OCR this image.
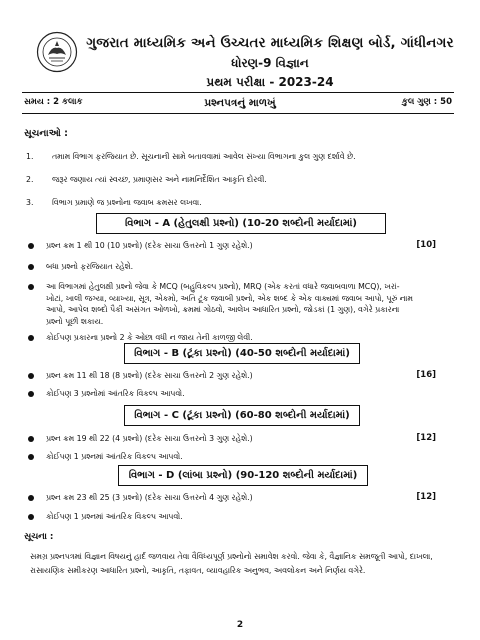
ગુજરાત માધ્યમિક અને ઉચ્ચતર માધ્યમિક શિક્ષણ બોર્ડ, ગાંધીનગર
ધોરણ-9 વિજ્ઞાન
પ્રથમ પરીક્ષા - 2023-24
સમય : 2 કલાક	પ્રશ્નપત્રનું માળખું	કુલ ગુણ : 50
સૂચનાઓ :
1.	તમામ વિભાગ ફરજિયાત છે. સૂચનાની સામે બતાવવામાં આવેલ સંખ્યા વિભાગના કુલ ગુણ દર્શાવે છે.
2.	જરૂર જણાય ત્યાં સ્વચ્છ, પ્રમાણસર અને નામનિર્દેશિત આકૃતિ દોરવી.
3.	વિભાગ પ્રમાણે જ પ્રશ્નોના જવાબ ક્રમસર લખવા.
વિભાગ - A (હેતુલક્ષી પ્રશ્નો) (10-20 શબ્દોની મર્યાદામાં)
પ્રશ્ન ક્રમ 1 થી 10 (10 પ્રશ્નો) (દરેક સાચા ઉત્તરનો 1 ગુણ રહેશે.)	[10]
બધા પ્રશ્નો ફરજિયાત રહેશે.
આ વિભાગમાં હેતુલક્ષી પ્રશ્નો જેવા કે MCQ (બહુવિકલ્પ પ્રશ્નો), MRQ (એક કરતાં વધારે જવાબવાળા MCQ), ખરાં-ખોટાં, ખાલી જગ્યા, વ્યાખ્યા, સૂત્ર, એકમો, અતિ ટૂંક જવાબી પ્રશ્નો, એક શબ્દ કે એક વાક્યમાં જવાબ આપો, પૂરું નામ આપો, આપેલ શબ્દો પૈકી અસંગત ઓળખો, ક્રમમાં ગોઠવો, આલેખ આધારિત પ્રશ્નો, જોડકાં (1 ગુણ), વગેરે પ્રકારના પ્રશ્નો પૂછી શકાય.
કોઈપણ પ્રકારના પ્રશ્નો 2 કે ઓછા વધી ન જાય તેની કાળજી લેવી.
વિભાગ - B (ટૂંકા પ્રશ્નો) (40-50 શબ્દોની મર્યાદામાં)
પ્રશ્ન ક્રમ 11 થી 18 (8 પ્રશ્નો) (દરેક સાચા ઉત્તરનો 2 ગુણ રહેશે.)	[16]
કોઈપણ 3 પ્રશ્નોમાં આંતરિક વિકલ્પ આપવો.
વિભાગ - C (ટૂંકા પ્રશ્નો) (60-80 શબ્દોની મર્યાદામાં)
પ્રશ્ન ક્રમ 19 થી 22 (4 પ્રશ્નો) (દરેક સાચા ઉત્તરનો 3 ગુણ રહેશે.)	[12]
કોઈપણ 1 પ્રશ્નમાં આંતરિક વિકલ્પ આપવો.
વિભાગ - D (લાંબા પ્રશ્નો) (90-120 શબ્દોની મર્યાદામાં)
પ્રશ્ન ક્રમ 23 થી 25 (3 પ્રશ્નો) (દરેક સાચા ઉત્તરનો 4 ગુણ રહેશે.)	[12]
કોઈપણ 1 પ્રશ્નમાં આંતરિક વિકલ્પ આપવો.
સૂચના :
સમગ્ર પ્રશ્નપત્રમાં વિજ્ઞાન વિષયનું હાર્દ જળવાય તેવા વૈવિધ્યપૂર્ણ પ્રશ્નોનો સમાવેશ કરવો. જેવા કે, વૈજ્ઞાનિક સમજૂતી આપો, દાખલા, રાસાયણિક સમીકરણ આધારિત પ્રશ્નો, આકૃતિ, તફાવત, વ્યાવહારિક અનુભવ, અવલોકન અને નિર્ણય વગેરે.
2
